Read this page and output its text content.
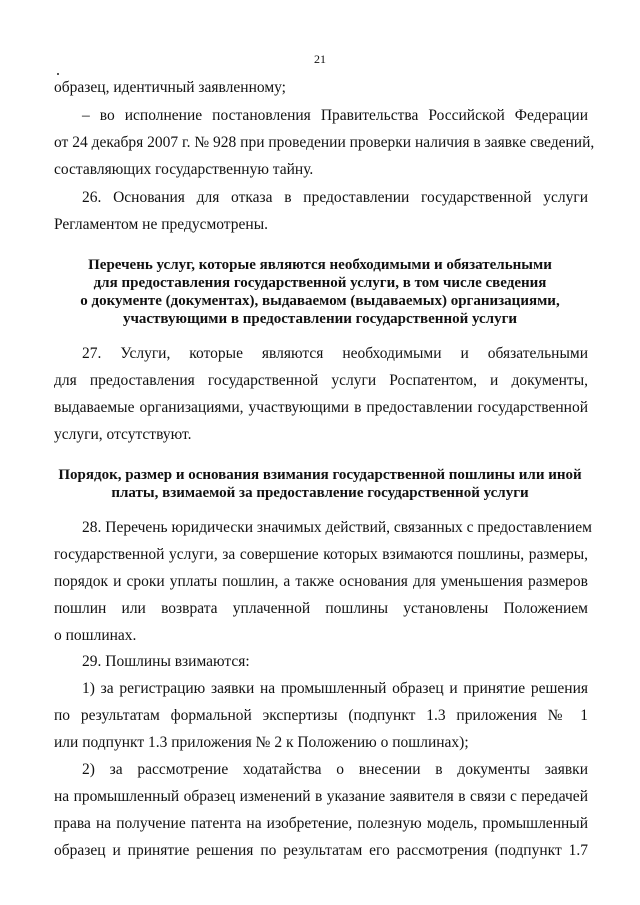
21
образец, идентичный заявленному;
– во исполнение постановления Правительства Российской Федерации
от 24 декабря 2007 г. № 928 при проведении проверки наличия в заявке сведений,
составляющих государственную тайну.
26. Основания для отказа в предоставлении государственной услуги
Регламентом не предусмотрены.
Перечень услуг, которые являются необходимыми и обязательными
для предоставления государственной услуги, в том числе сведения
о документе (документах), выдаваемом (выдаваемых) организациями,
участвующими в предоставлении государственной услуги
27. Услуги, которые являются необходимыми и обязательными
для предоставления государственной услуги Роспатентом, и документы,
выдаваемые организациями, участвующими в предоставлении государственной
услуги, отсутствуют.
Порядок, размер и основания взимания государственной пошлины или иной
платы, взимаемой за предоставление государственной услуги
28. Перечень юридически значимых действий, связанных с предоставлением
государственной услуги, за совершение которых взимаются пошлины, размеры,
порядок и сроки уплаты пошлин, а также основания для уменьшения размеров
пошлин или возврата уплаченной пошлины установлены Положением
о пошлинах.
29. Пошлины взимаются:
1) за регистрацию заявки на промышленный образец и принятие решения
по результатам формальной экспертизы (подпункт 1.3 приложения № 1
или подпункт 1.3 приложения № 2 к Положению о пошлинах);
2) за рассмотрение ходатайства о внесении в документы заявки
на промышленный образец изменений в указание заявителя в связи с передачей
права на получение патента на изобретение, полезную модель, промышленный
образец и принятие решения по результатам его рассмотрения (подпункт 1.7
